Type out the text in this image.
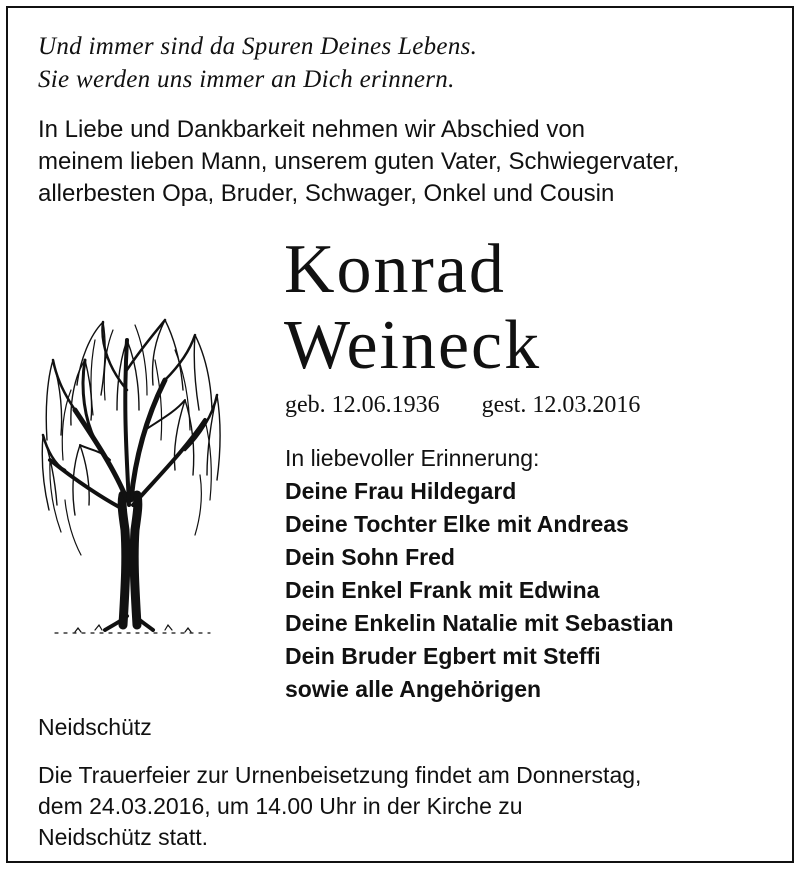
Und immer sind da Spuren Deines Lebens.
Sie werden uns immer an Dich erinnern.
In Liebe und Dankbarkeit nehmen wir Abschied von
meinem lieben Mann, unserem guten Vater, Schwiegervater,
allerbesten Opa, Bruder, Schwager, Onkel und Cousin
Konrad
Weineck
geb. 12.06.1936 gest. 12.03.2016
In liebevoller Erinnerung:
Deine Frau Hildegard
Deine Tochter Elke mit Andreas
Dein Sohn Fred
Dein Enkel Frank mit Edwina
Deine Enkelin Natalie mit Sebastian
Dein Bruder Egbert mit Steffi
sowie alle Angehörigen
Neidschütz
Die Trauerfeier zur Urnenbeisetzung findet am Donnerstag,
dem 24.03.2016, um 14.00 Uhr in der Kirche zu
Neidschütz statt.
